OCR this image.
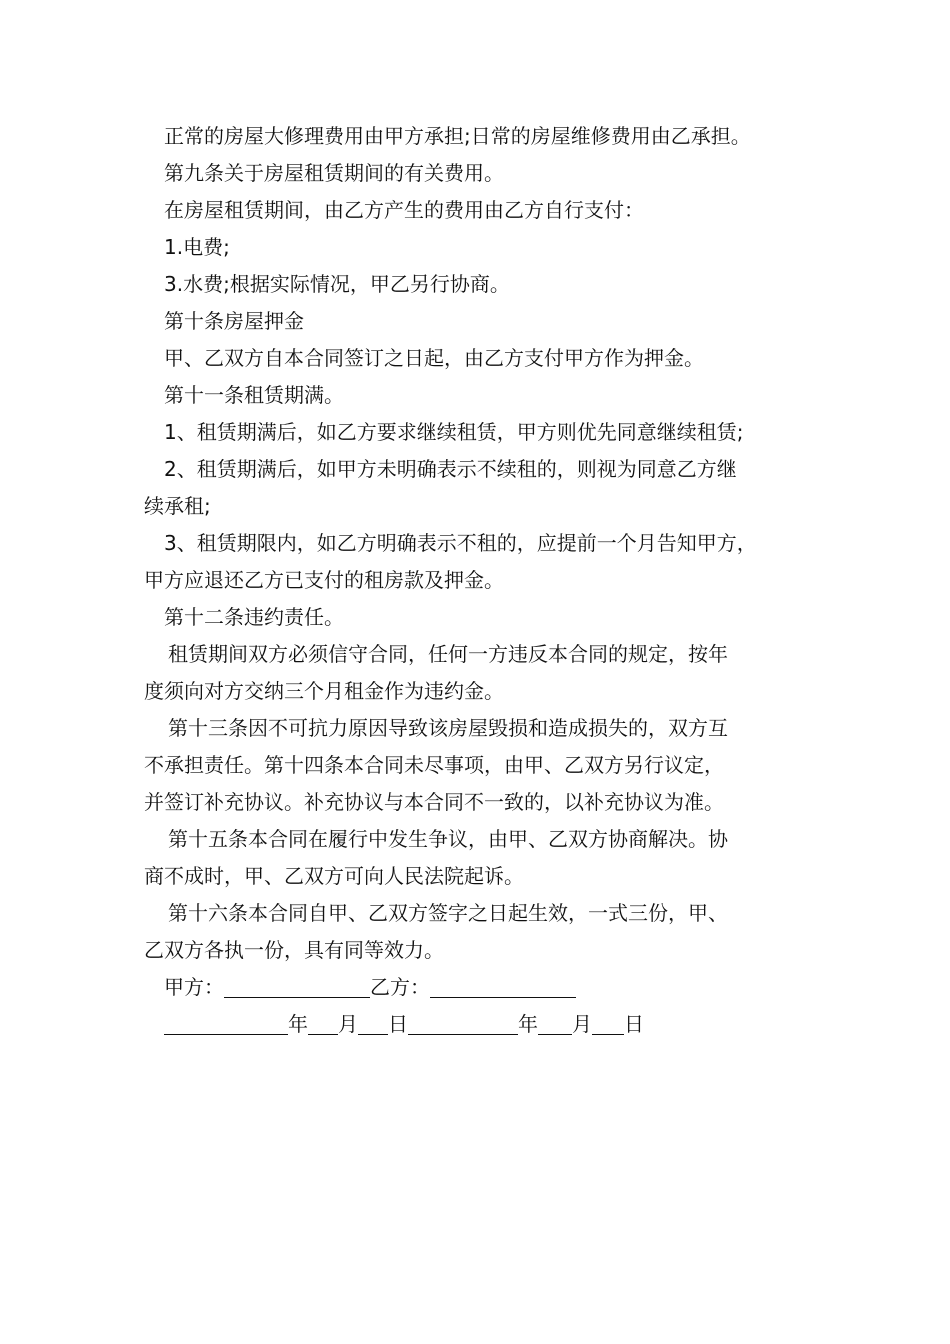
正常的房屋大修理费用由甲方承担;日常的房屋维修费用由乙承担。
第九条关于房屋租赁期间的有关费用。
在房屋租赁期间，由乙方产生的费用由乙方自行支付：
1.电费;
3.水费;根据实际情况，甲乙另行协商。
第十条房屋押金
甲、乙双方自本合同签订之日起，由乙方支付甲方作为押金。
第十一条租赁期满。
1、租赁期满后，如乙方要求继续租赁，甲方则优先同意继续租赁;
2、租赁期满后，如甲方未明确表示不续租的，则视为同意乙方继
续承租;
3、租赁期限内，如乙方明确表示不租的，应提前一个月告知甲方，
甲方应退还乙方已支付的租房款及押金。
第十二条违约责任。
租赁期间双方必须信守合同，任何一方违反本合同的规定，按年
度须向对方交纳三个月租金作为违约金。
第十三条因不可抗力原因导致该房屋毁损和造成损失的，双方互
不承担责任。第十四条本合同未尽事项，由甲、乙双方另行议定，
并签订补充协议。补充协议与本合同不一致的，以补充协议为准。
第十五条本合同在履行中发生争议，由甲、乙双方协商解决。协
商不成时，甲、乙双方可向人民法院起诉。
第十六条本合同自甲、乙双方签字之日起生效，一式三份，甲、
乙双方各执一份，具有同等效力。
甲方：	乙方：
年 月 日	年 月 日
